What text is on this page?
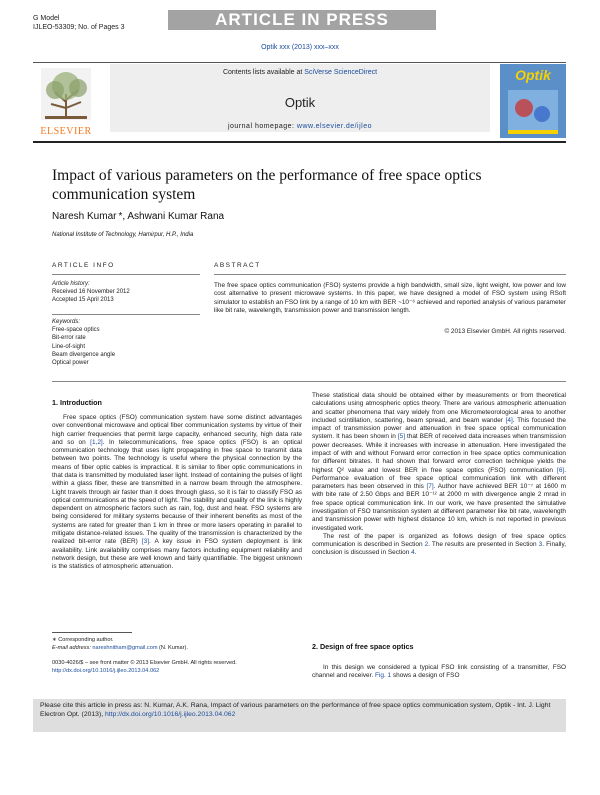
G Model
IJLEO-53309; No. of Pages 3	ARTICLE IN PRESS
Optik xxx (2013) xxx–xxx
ELSEVIER
Contents lists available at SciVerse ScienceDirect
Optik
journal homepage: www.elsevier.de/ijleo
Optik
Impact of various parameters on the performance of free space optics communication system
Naresh Kumar *, Ashwani Kumar Rana
National Institute of Technology, Hamirpur, H.P., India
ARTICLE INFO
Article history:
Received 16 November 2012
Accepted 15 April 2013
Keywords:
Free-space optics
Bit-error rate
Line-of-sight
Beam divergence angle
Optical power
ABSTRACT
The free space optics communication (FSO) systems provide a high bandwidth, small size, light weight, low power and low cost alternative to present microwave systems. In this paper, we have designed a model of FSO system using RSoft simulator to establish an FSO link by a range of 10 km with BER ~10⁻⁶ achieved and reported analysis of various parameter like bit rate, wavelength, transmission power and transmission length.
© 2013 Elsevier GmbH. All rights reserved.
1. Introduction

Free space optics (FSO) communication system have some distinct advantages over conventional microwave and optical fiber communication systems by virtue of their high carrier frequencies that permit large capacity, enhanced security, high data rate and so on [1,2]. In telecommunications, free space optics (FSO) is an optical communication technology that uses light propagating in free space to transmit data between two points. The technology is useful where the physical connection by the means of fiber optic cables is impractical. It is similar to fiber optic communications in that data is transmitted by modulated laser light. Instead of containing the pulses of light within a glass fiber, these are transmitted in a narrow beam through the atmosphere. Light travels through air faster than it does through glass, so it is fair to classify FSO as optical communications at the speed of light. The stability and quality of the link is highly dependent on atmospheric factors such as rain, fog, dust and heat. FSO systems are being considered for military systems because of their inherent benefits as most of the systems are rated for greater than 1 km in three or more lasers operating in parallel to mitigate distance-related issues. The quality of the transmission is characterized by the realized bit-error rate (BER) [3]. A key issue in FSO system deployment is link availability. Link availability comprises many factors including equipment reliability and network design, but these are well known and fairly quantifiable. The biggest unknown is the statistics of atmospheric attenuation.

These statistical data should be obtained either by measurements or from theoretical calculations using atmospheric optics theory. There are various atmospheric attenuation and scatter phenomena that vary widely from one Micrometeorological area to another included scintillation, scattering, beam spread, and beam wander [4]. This focused the impact of transmission power and attenuation in free space optical communication system. It has been shown in [5] that BER of received data increases when transmission power decreases. While it increases with increase in attenuation. Here investigated the impact of with and without Forward error correction in free space optics communication for different bitrates. It had shown that forward error correction technique yields the highest Q² value and lowest BER in free space optics (FSO) communication [6]. Performance evaluation of free space optical communication link with different parameters has been observed in this [7]. Author have achieved BER 10⁻⁷ at 1600 m with bite rate of 2.50 Gbps and BER 10⁻¹² at 2000 m with divergence angle 2 mrad in free space optical communication link. In our work, we have presented the simulative investigation of FSO transmission system at different parameter like bit rate, wavelength and transmission power with highest distance 10 km, which is not reported in previous investigated work.

The rest of the paper is organized as follows design of free space optics communication is described in Section 2. The results are presented in Section 3. Finally, conclusion is discussed in Section 4.

2. Design of free space optics

In this design we considered a typical FSO link consisting of a transmitter, FSO channel and receiver. Fig. 1 shows a design of FSO

∗ Corresponding author.
E-mail address: nareshnitham@gmail.com (N. Kumar).
0030-4026/$ – see front matter © 2013 Elsevier GmbH. All rights reserved.
http://dx.doi.org/10.1016/j.ijleo.2013.04.062
Please cite this article in press as: N. Kumar, A.K. Rana, Impact of various parameters on the performance of free space optics communication system, Optik - Int. J. Light Electron Opt. (2013), http://dx.doi.org/10.1016/j.ijleo.2013.04.062
